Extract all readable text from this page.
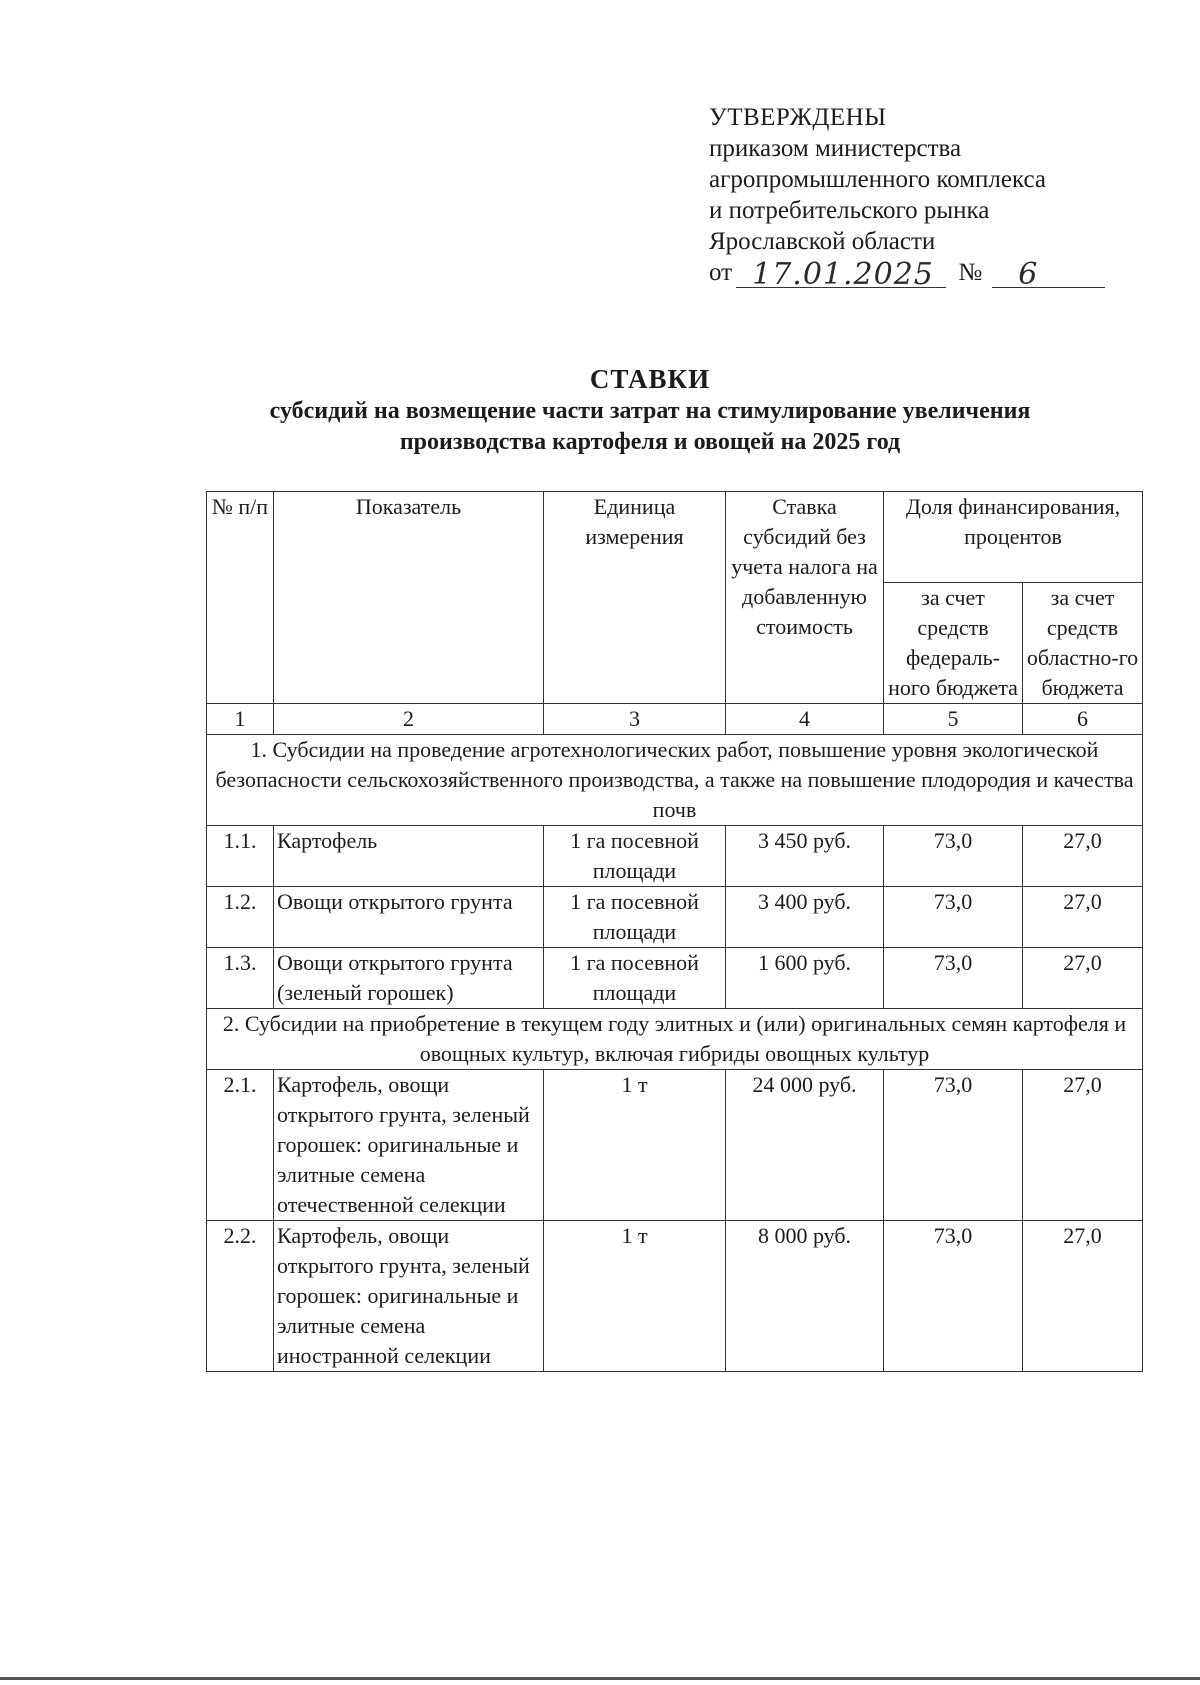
УТВЕРЖДЕНЫ
приказом министерства
агропромышленного комплекса
и потребительского рынка
Ярославской области
от 17.01.2025 № 6
СТАВКИ
субсидий на возмещение части затрат на стимулирование увеличения
производства картофеля и овощей на 2025 год
№ п/п	Показатель	Единица измерения	Ставка субсидий без учета налога на добавленную стоимость	Доля финансирования, процентов	
				за счет средств федераль-ного бюджета	за счет средств областно-го бюджета
1	2	3	4	5	6
1. Субсидии на проведение агротехнологических работ, повышение уровня экологической безопасности сельскохозяйственного производства, а также на повышение плодородия и качества почв					
1.1.	Картофель	1 га посевной площади	3 450 руб.	73,0	27,0
1.2.	Овощи открытого грунта	1 га посевной площади	3 400 руб.	73,0	27,0
1.3.	Овощи открытого грунта (зеленый горошек)	1 га посевной площади	1 600 руб.	73,0	27,0
2. Субсидии на приобретение в текущем году элитных и (или) оригинальных семян картофеля и овощных культур, включая гибриды овощных культур					
2.1.	Картофель, овощи открытого грунта, зеленый горошек: оригинальные и элитные семена отечественной селекции	1 т	24 000 руб.	73,0	27,0
2.2.	Картофель, овощи открытого грунта, зеленый горошек: оригинальные и элитные семена иностранной селекции	1 т	8 000 руб.	73,0	27,0
